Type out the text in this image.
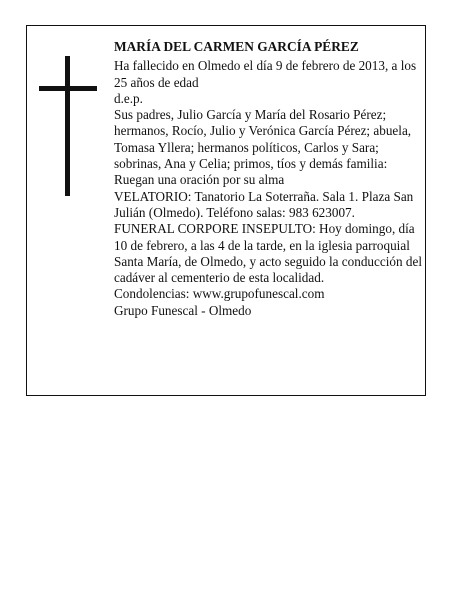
MARÍA DEL CARMEN GARCÍA PÉREZ

Ha fallecido en Olmedo el día 9 de febrero de 2013, a los 25 años de edad

d.e.p.

Sus padres, Julio García y María del Rosario Pérez; hermanos, Rocío, Julio y Verónica García Pérez; abuela, Tomasa Yllera; hermanos políticos, Carlos y Sara; sobrinas, Ana y Celia; primos, tíos y demás familia:

Ruegan una oración por su alma

VELATORIO: Tanatorio La Soterraña. Sala 1. Plaza San Julián (Olmedo). Teléfono salas: 983 623007.

FUNERAL CORPORE INSEPULTO: Hoy domingo, día 10 de febrero, a las 4 de la tarde, en la iglesia parroquial Santa María, de Olmedo, y acto seguido la conducción del cadáver al cementerio de esta localidad.

Condolencias: www.grupofunescal.com

Grupo Funescal - Olmedo
